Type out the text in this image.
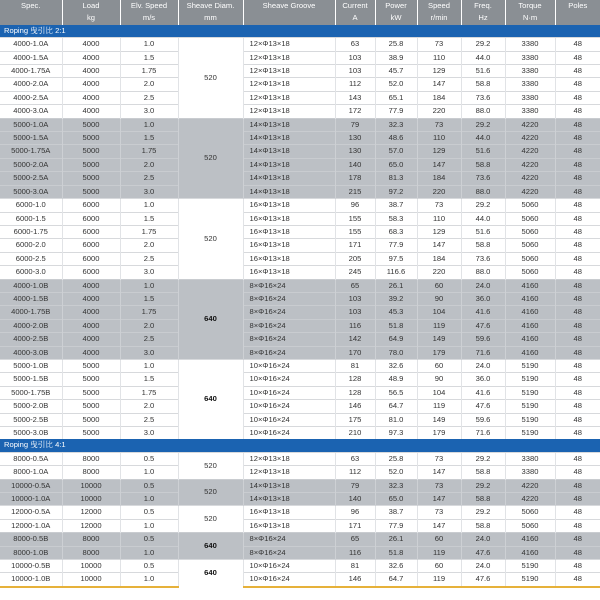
Spec.	Load	Elv. Speed	Sheave Diam.	Sheave Groove	Current	Power	Speed	Freq.	Torque	Poles
	kg	m/s	mm		A	kW	r/min	Hz	N·m	
Roping 曳引比 2:1										
4000-1.0A	4000	1.0	520	12×Φ13×18	63	25.8	73	29.2	3380	48
4000-1.5A	4000	1.5		12×Φ13×18	103	38.9	110	44.0	3380	48
4000-1.75A	4000	1.75		12×Φ13×18	103	45.7	129	51.6	3380	48
4000-2.0A	4000	2.0		12×Φ13×18	112	52.0	147	58.8	3380	48
4000-2.5A	4000	2.5		12×Φ13×18	143	65.1	184	73.6	3380	48
4000-3.0A	4000	3.0		12×Φ13×18	172	77.9	220	88.0	3380	48
5000-1.0A	5000	1.0	520	14×Φ13×18	79	32.3	73	29.2	4220	48
5000-1.5A	5000	1.5		14×Φ13×18	130	48.6	110	44.0	4220	48
5000-1.75A	5000	1.75		14×Φ13×18	130	57.0	129	51.6	4220	48
5000-2.0A	5000	2.0		14×Φ13×18	140	65.0	147	58.8	4220	48
5000-2.5A	5000	2.5		14×Φ13×18	178	81.3	184	73.6	4220	48
5000-3.0A	5000	3.0		14×Φ13×18	215	97.2	220	88.0	4220	48
6000-1.0	6000	1.0	520	16×Φ13×18	96	38.7	73	29.2	5060	48
6000-1.5	6000	1.5		16×Φ13×18	155	58.3	110	44.0	5060	48
6000-1.75	6000	1.75		16×Φ13×18	155	68.3	129	51.6	5060	48
6000-2.0	6000	2.0		16×Φ13×18	171	77.9	147	58.8	5060	48
6000-2.5	6000	2.5		16×Φ13×18	205	97.5	184	73.6	5060	48
6000-3.0	6000	3.0		16×Φ13×18	245	116.6	220	88.0	5060	48
4000-1.0B	4000	1.0	640	8×Φ16×24	65	26.1	60	24.0	4160	48
4000-1.5B	4000	1.5		8×Φ16×24	103	39.2	90	36.0	4160	48
4000-1.75B	4000	1.75		8×Φ16×24	103	45.3	104	41.6	4160	48
4000-2.0B	4000	2.0		8×Φ16×24	116	51.8	119	47.6	4160	48
4000-2.5B	4000	2.5		8×Φ16×24	142	64.9	149	59.6	4160	48
4000-3.0B	4000	3.0		8×Φ16×24	170	78.0	179	71.6	4160	48
5000-1.0B	5000	1.0	640	10×Φ16×24	81	32.6	60	24.0	5190	48
5000-1.5B	5000	1.5		10×Φ16×24	128	48.9	90	36.0	5190	48
5000-1.75B	5000	1.75		10×Φ16×24	128	56.5	104	41.6	5190	48
5000-2.0B	5000	2.0		10×Φ16×24	146	64.7	119	47.6	5190	48
5000-2.5B	5000	2.5		10×Φ16×24	175	81.0	149	59.6	5190	48
5000-3.0B	5000	3.0		10×Φ16×24	210	97.3	179	71.6	5190	48
Roping 曳引比 4:1										
8000-0.5A	8000	0.5	520	12×Φ13×18	63	25.8	73	29.2	3380	48
8000-1.0A	8000	1.0		12×Φ13×18	112	52.0	147	58.8	3380	48
10000-0.5A	10000	0.5	520	14×Φ13×18	79	32.3	73	29.2	4220	48
10000-1.0A	10000	1.0		14×Φ13×18	140	65.0	147	58.8	4220	48
12000-0.5A	12000	0.5	520	16×Φ13×18	96	38.7	73	29.2	5060	48
12000-1.0A	12000	1.0		16×Φ13×18	171	77.9	147	58.8	5060	48
8000-0.5B	8000	0.5	640	8×Φ16×24	65	26.1	60	24.0	4160	48
8000-1.0B	8000	1.0		8×Φ16×24	116	51.8	119	47.6	4160	48
10000-0.5B	10000	0.5	640	10×Φ16×24	81	32.6	60	24.0	5190	48
10000-1.0B	10000	1.0		10×Φ16×24	146	64.7	119	47.6	5190	48
